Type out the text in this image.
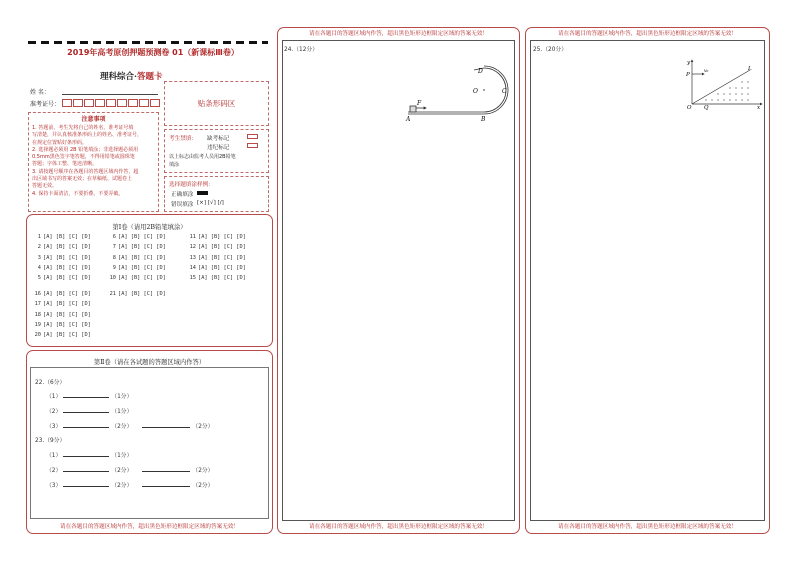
2019年高考原创押题预测卷 01（新课标Ⅲ卷）
理科综合·答题卡
姓 名：
准考证号：	贴条形码区
注意事项
1. 答题前，考生先将自己的姓名，准考证号填
写清楚，并认真核准条形码上的姓名、准考证号，
在规定位置贴好条形码。
2. 选择题必须用 2B 铅笔填涂；非选择题必须用
0.5mm黑色签字笔答题，不得用铅笔或圆珠笔
答题；字体工整、笔迹清晰。
3. 请按题号顺序在各题目的答题区域内作答，超
出区域书写的答案无效；在草稿纸、试题卷上
答题无效。
4. 保持卡面清洁，不要折叠、不要弄破。
考生禁填： 缺考标记
违纪标记
以上标志由监考人员用2B铅笔
填涂
选择题填涂样例：
正确填涂
错误填涂 [×] [√] [/]
第Ⅰ卷（请用2B铅笔填涂）
1 [A] [B] [C] [D]
2 [A] [B] [C] [D]
3 [A] [B] [C] [D]
4 [A] [B] [C] [D]
5 [A] [B] [C] [D]
6 [A] [B] [C] [D]
7 [A] [B] [C] [D]
8 [A] [B] [C] [D]
9 [A] [B] [C] [D]
10 [A] [B] [C] [D]
11 [A] [B] [C] [D]
12 [A] [B] [C] [D]
13 [A] [B] [C] [D]
14 [A] [B] [C] [D]
15 [A] [B] [C] [D]
16 [A] [B] [C] [D]
17 [A] [B] [C] [D]
18 [A] [B] [C] [D]
19 [A] [B] [C] [D]
20 [A] [B] [C] [D]
21 [A] [B] [C] [D]
第Ⅱ卷（请在各试题的答题区域内作答）
22.（6分）
（1）	（1分）
（2）	（1分）
（3）	（2分）	（2分）
23.（9分）
（1）	（1分）
（2）	（2分）	（2分）
（3）	（2分）	（2分）
请在各题目的答题区域内作答，超出黑色矩形边框限定区域的答案无效！
请在各题目的答题区域内作答，超出黑色矩形边框限定区域的答案无效！
24.（12分）
D
O	C
F
A	B
请在各题目的答题区域内作答，超出黑色矩形边框限定区域的答案无效！
请在各题目的答题区域内作答，超出黑色矩形边框限定区域的答案无效！
25.（20分）
y
P
v₀	L
x
O Q
请在各题目的答题区域内作答，超出黑色矩形边框限定区域的答案无效！
